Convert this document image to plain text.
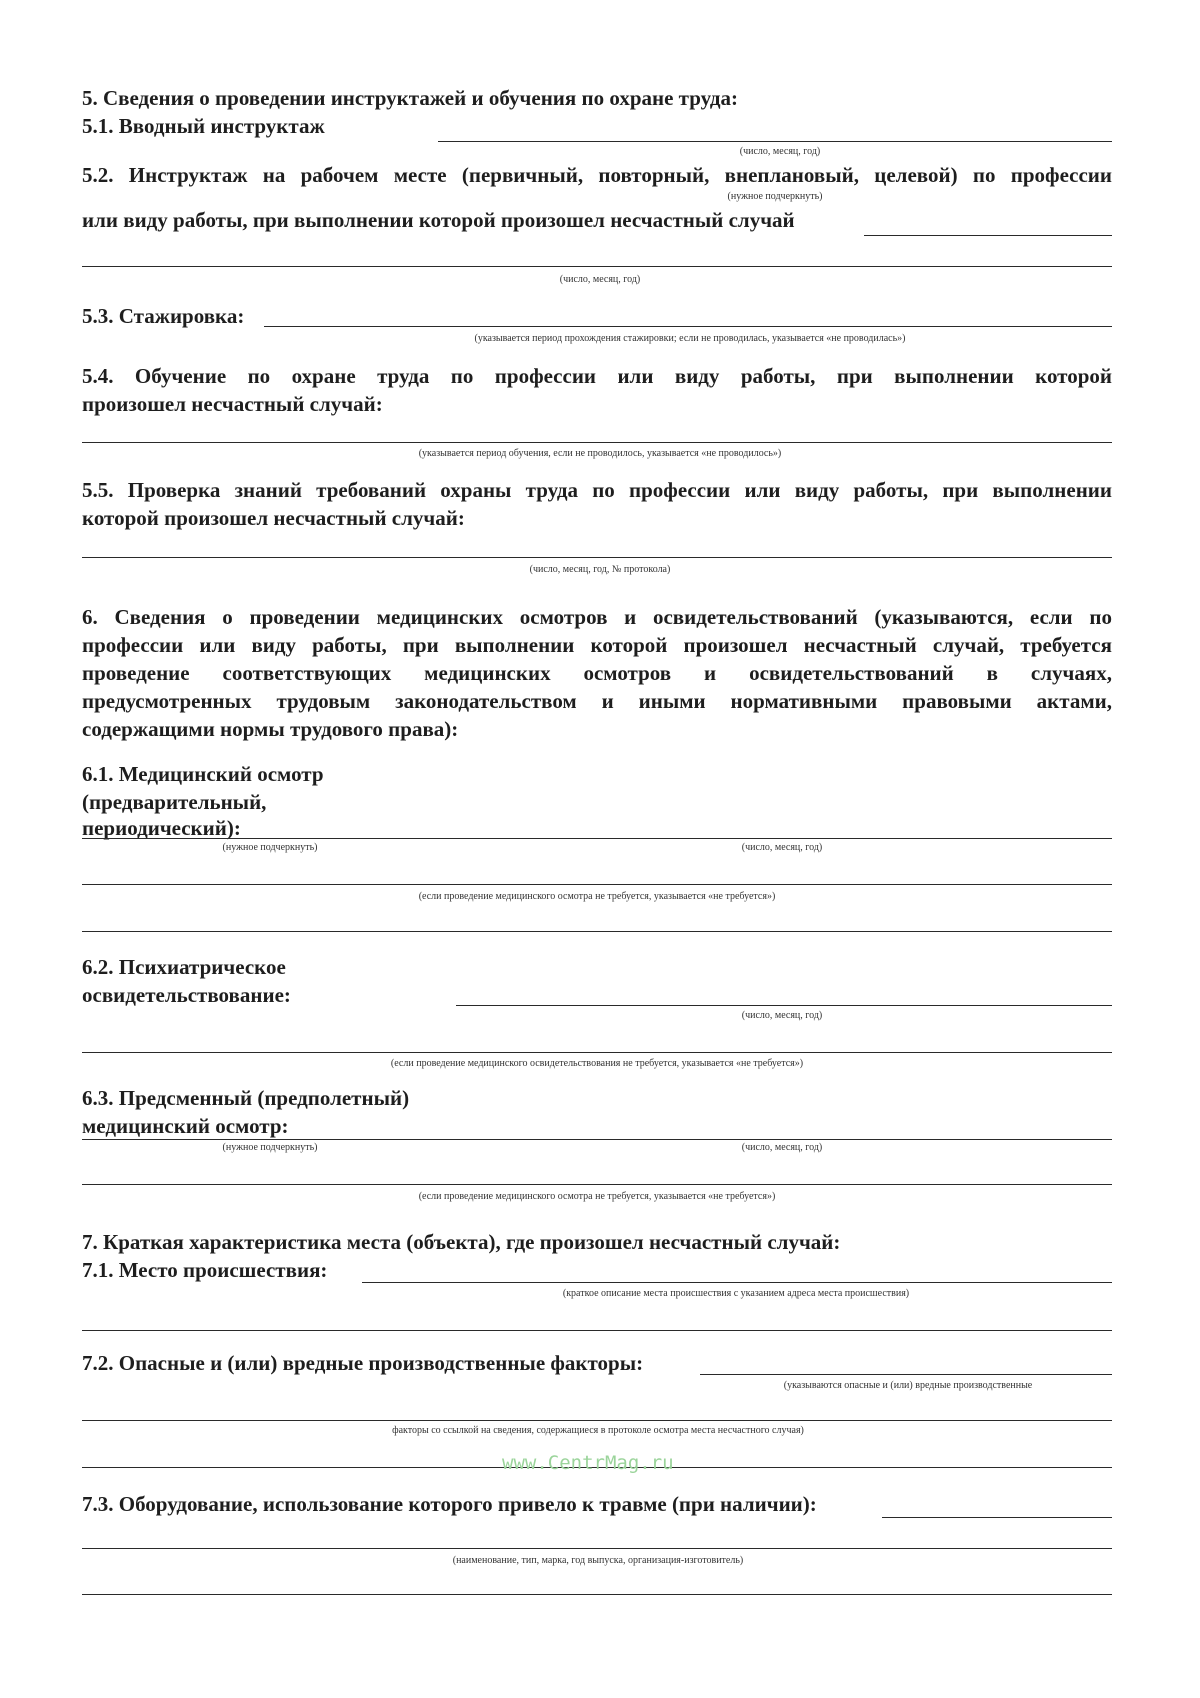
5. Сведения о проведении инструктажей и обучения по охране труда:
5.1. Вводный инструктаж
(число, месяц, год)
5.2. Инструктаж на рабочем месте (первичный, повторный, внеплановый, целевой) по профессии
(нужное подчеркнуть)
или виду работы, при выполнении которой произошел несчастный случай
(число, месяц, год)
5.3. Стажировка:
(указывается период прохождения стажировки; если не проводилась, указывается «не проводилась»)
5.4. Обучение по охране труда по профессии или виду работы, при выполнении которой
произошел несчастный случай:
(указывается период обучения, если не проводилось, указывается «не проводилось»)
5.5. Проверка знаний требований охраны труда по профессии или виду работы, при выполнении
которой произошел несчастный случай:
(число, месяц, год, № протокола)
6. Сведения о проведении медицинских осмотров и освидетельствований (указываются, если по
профессии или виду работы, при выполнении которой произошел несчастный случай, требуется
проведение соответствующих медицинских осмотров и освидетельствований в случаях,
предусмотренных трудовым законодательством и иными нормативными правовыми актами,
содержащими нормы трудового права):
6.1. Медицинский осмотр
(предварительный,
периодический):
(нужное подчеркнуть)	(число, месяц, год)
(если проведение медицинского осмотра не требуется, указывается «не требуется»)
6.2. Психиатрическое
освидетельствование:
(число, месяц, год)
(если проведение медицинского освидетельствования не требуется, указывается «не требуется»)
6.3. Предсменный (предполетный)
медицинский осмотр:
(нужное подчеркнуть)	(число, месяц, год)
(если проведение медицинского осмотра не требуется, указывается «не требуется»)
7. Краткая характеристика места (объекта), где произошел несчастный случай:
7.1. Место происшествия:
(краткое описание места происшествия с указанием адреса места происшествия)
7.2. Опасные и (или) вредные производственные факторы:
(указываются опасные и (или) вредные производственные
факторы со ссылкой на сведения, содержащиеся в протоколе осмотра места несчастного случая)
www.CentrMag.ru
7.3. Оборудование, использование которого привело к травме (при наличии):
(наименование, тип, марка, год выпуска, организация-изготовитель)
